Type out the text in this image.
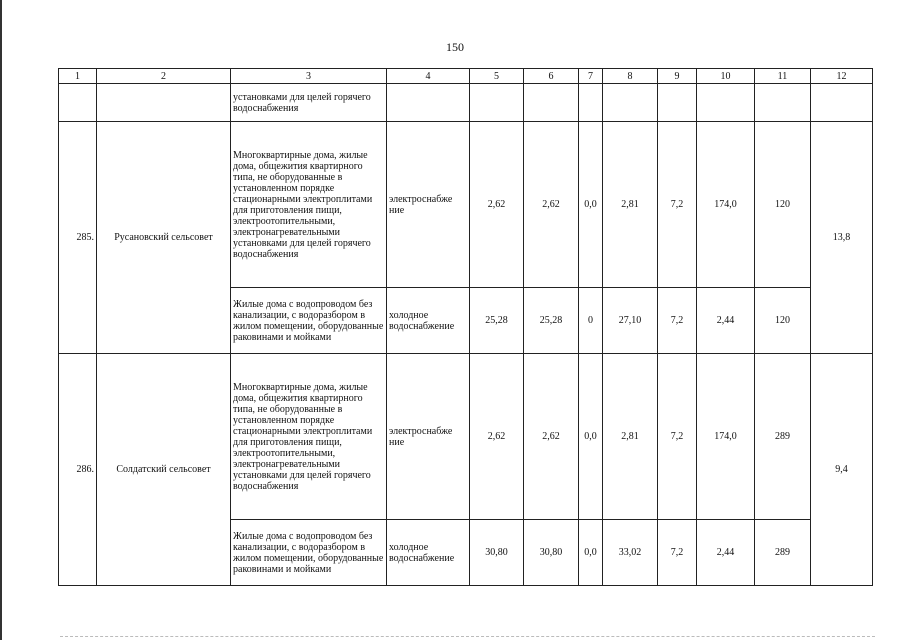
150
1	2	3	4	5	6	7	8	9	10	11	12
		установками для целей горячего водоснабжения									
285.	Русановский сельсовет	Многоквартирные дома, жилые дома, общежития квартирного типа, не оборудованные в установленном порядке стационарными электроплитами для приготовления пищи, электроотопительными, электронагревательными установками для целей горячего водоснабжения	электроснабже ние	2,62	2,62	0,0	2,81	7,2	174,0	120	13,8
		Жилые дома с водопроводом без канализации, с водоразбором в жилом помещении, оборудованные раковинами и мойками	холодное водоснабжение	25,28	25,28	0	27,10	7,2	2,44	120	
286.	Солдатский сельсовет	Многоквартирные дома, жилые дома, общежития квартирного типа, не оборудованные в установленном порядке стационарными электроплитами для приготовления пищи, электроотопительными, электронагревательными установками для целей горячего водоснабжения	электроснабже ние	2,62	2,62	0,0	2,81	7,2	174,0	289	9,4
		Жилые дома с водопроводом без канализации, с водоразбором в жилом помещении, оборудованные раковинами и мойками	холодное водоснабжение	30,80	30,80	0,0	33,02	7,2	2,44	289	
